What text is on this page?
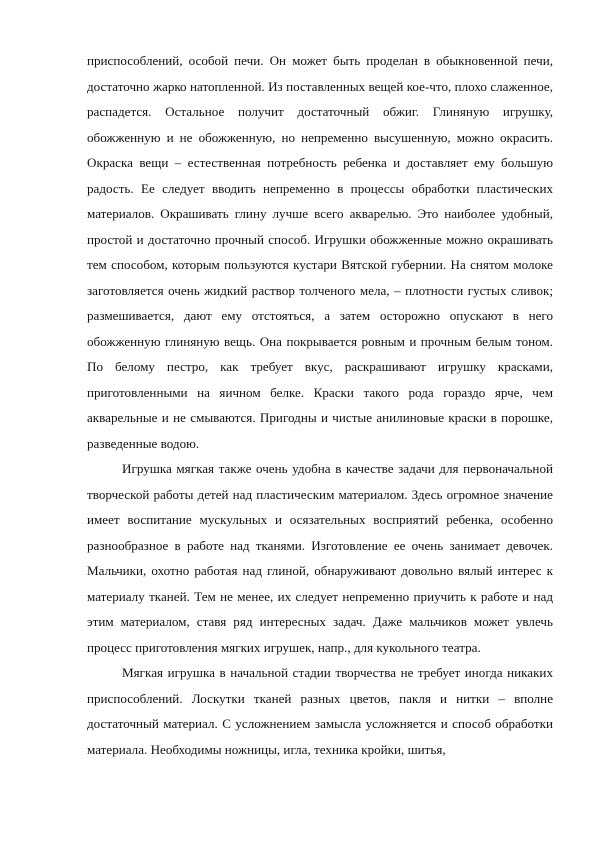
приспособлений, особой печи. Он может быть проделан в обыкновенной печи, достаточно жарко натопленной. Из поставленных вещей кое-что, плохо слаженное, распадется. Остальное получит достаточный обжиг. Глиняную игрушку, обожженную и не обожженную, но непременно высушенную, можно окрасить. Окраска вещи – естественная потребность ребенка и доставляет ему большую радость. Ее следует вводить непременно в процессы обработки пластических материалов. Окрашивать глину лучше всего акварелью. Это наиболее удобный, простой и достаточно прочный способ. Игрушки обожженные можно окрашивать тем способом, которым пользуются кустари Вятской губернии. На снятом молоке заготовляется очень жидкий раствор толченого мела, – плотности густых сливок; размешивается, дают ему отстояться, а затем осторожно опускают в него обожженную глиняную вещь. Она покрывается ровным и прочным белым тоном. По белому пестро, как требует вкус, раскрашивают игрушку красками, приготовленными на яичном белке. Краски такого рода гораздо ярче, чем акварельные и не смываются. Пригодны и чистые анилиновые краски в порошке, разведенные водою.

Игрушка мягкая также очень удобна в качестве задачи для первоначальной творческой работы детей над пластическим материалом. Здесь огромное значение имеет воспитание мускульных и осязательных восприятий ребенка, особенно разнообразное в работе над тканями. Изготовление ее очень занимает девочек. Мальчики, охотно работая над глиной, обнаруживают довольно вялый интерес к материалу тканей. Тем не менее, их следует непременно приучить к работе и над этим материалом, ставя ряд интересных задач. Даже мальчиков может увлечь процесс приготовления мягких игрушек, напр., для кукольного театра.

Мягкая игрушка в начальной стадии творчества не требует иногда никаких приспособлений. Лоскутки тканей разных цветов, пакля и нитки – вполне достаточный материал. С усложнением замысла усложняется и способ обработки материала. Необходимы ножницы, игла, техника кройки, шитья,
